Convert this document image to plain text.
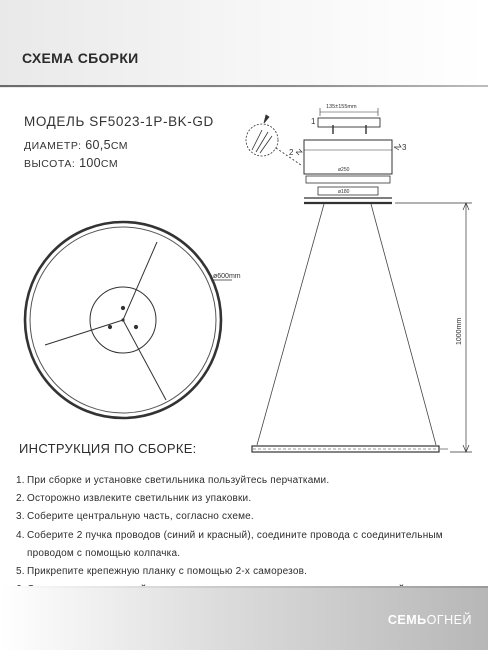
СХЕМА СБОРКИ
МОДЕЛЬ SF5023-1P-BK-GD
ДИАМЕТР: 60,5СМ
ВЫСОТА: 100СМ
ø600mm
135±155mm
ø250
ø180
1
2
3
1000mm
ИНСТРУКЦИЯ ПО СБОРКЕ:
1. При сборке и установке светильника пользуйтесь перчатками.
2. Осторожно извлеките светильник из упаковки.
3. Соберите центральную часть, согласно схеме.
4. Соберите 2 пучка проводов (синий и красный), соедините провода с соединительным
проводом с помощью колпачка.
5. Прикрепите крепежную планку с помощью 2-х саморезов.
СЕМЬОГНЕЙ
